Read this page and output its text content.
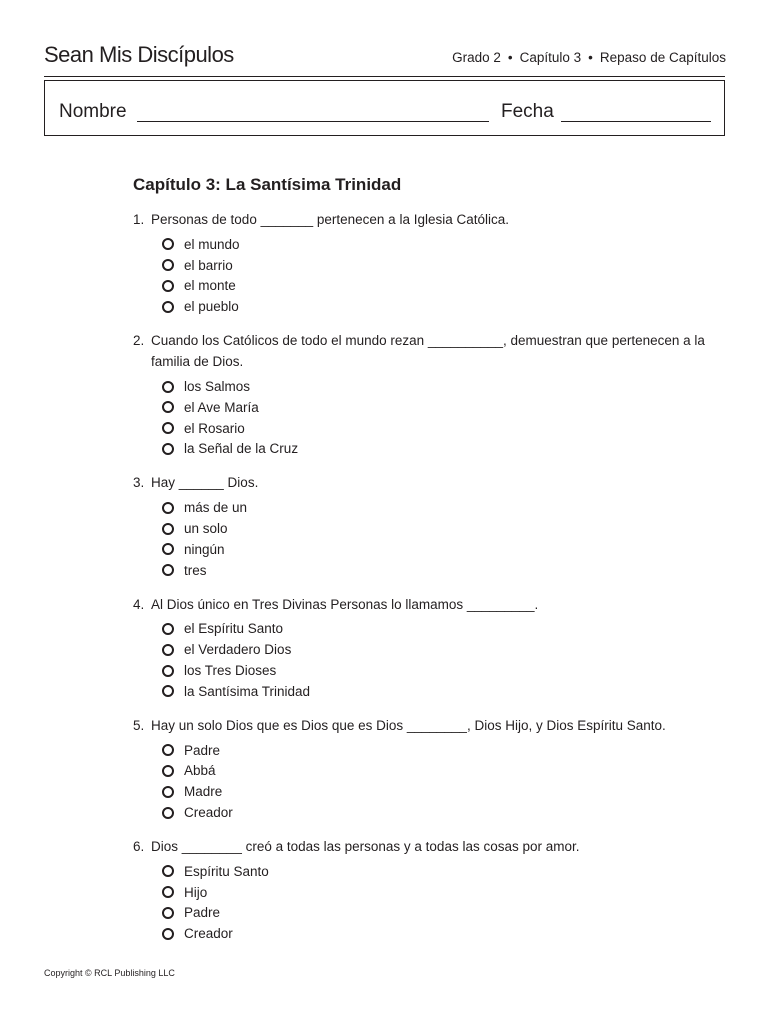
Sean Mis Discípulos	Grado 2 • Capítulo 3 • Repaso de Capítulos
Nombre	Fecha
Capítulo 3: La Santísima Trinidad
1. Personas de todo _______ pertenecen a la Iglesia Católica.
el mundo
el barrio
el monte
el pueblo
2. Cuando los Católicos de todo el mundo rezan __________, demuestran que pertenecen a la familia de Dios.
los Salmos
el Ave María
el Rosario
la Señal de la Cruz
3. Hay ______ Dios.
más de un
un solo
ningún
tres
4. Al Dios único en Tres Divinas Personas lo llamamos _________.
el Espíritu Santo
el Verdadero Dios
los Tres Dioses
la Santísima Trinidad
5. Hay un solo Dios que es Dios que es Dios ________, Dios Hijo, y Dios Espíritu Santo.
Padre
Abbá
Madre
Creador
6. Dios ________ creó a todas las personas y a todas las cosas por amor.
Espíritu Santo
Hijo
Padre
Creador
Copyright © RCL Publishing LLC
